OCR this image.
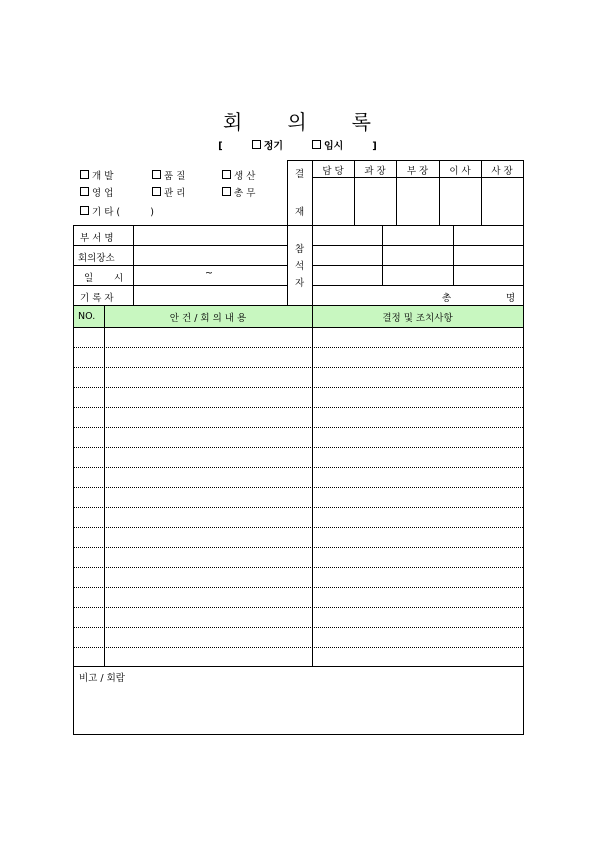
회 의 록
[	정기	임시	]
개 발	품 질	생 산
영 업	관 리	총 무
기 타 (          )
결
재
담 당	과 장	부 장	이 사	사 장
부 서 명
회의장소
일 시	~
기 록 자
참
석
자
총	명
NO.	안 건 / 회 의 내 용	결정 및 조치사항
비고 / 회람
